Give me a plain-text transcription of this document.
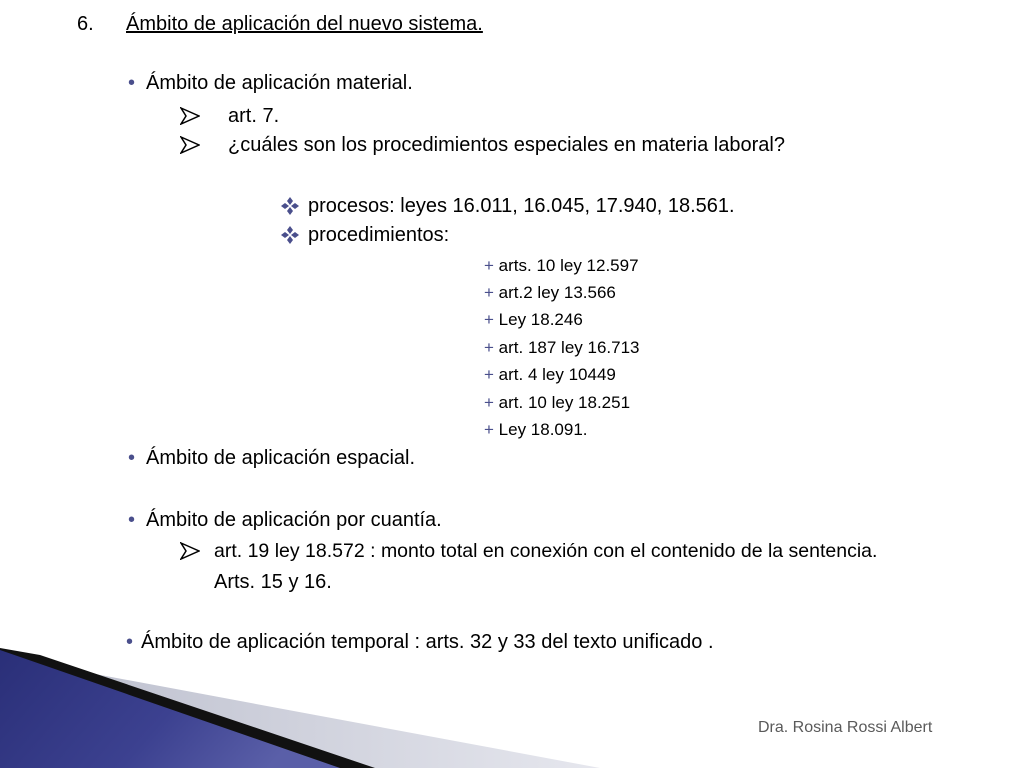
6. Ámbito de aplicación del nuevo sistema.
• Ámbito de aplicación material.
art. 7.
¿cuáles son los procedimientos especiales en materia laboral?
procesos: leyes 16.011, 16.045, 17.940, 18.561.
procedimientos:
+ arts. 10 ley 12.597
+ art.2 ley 13.566
+ Ley 18.246
+ art. 187 ley 16.713
+ art. 4 ley 10449
+ art. 10 ley 18.251
+ Ley 18.091.
• Ámbito de aplicación espacial.
• Ámbito de aplicación por cuantía.
art. 19 ley 18.572 : monto total en conexión con el contenido de la sentencia.
Arts. 15 y 16.
• Ámbito de aplicación temporal : arts. 32 y 33 del texto unificado .
Dra. Rosina Rossi Albert
